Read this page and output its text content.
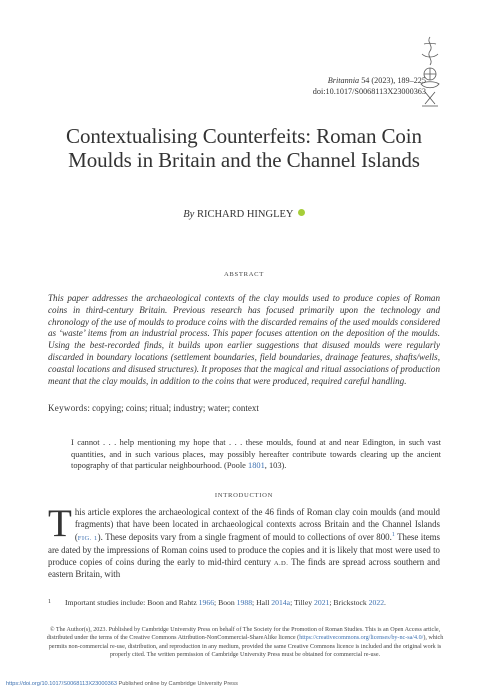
Britannia 54 (2023), 189–225
doi:10.1017/S0068113X23000363
Contextualising Counterfeits: Roman Coin Moulds in Britain and the Channel Islands
By RICHARD HINGLEY
ABSTRACT

This paper addresses the archaeological contexts of the clay moulds used to produce copies of Roman coins in third-century Britain. Previous research has focused primarily upon the technology and chronology of the use of moulds to produce coins with the discarded remains of the used moulds considered as ‘waste’ items from an industrial process. This paper focuses attention on the deposition of the moulds. Using the best-recorded finds, it builds upon earlier suggestions that disused moulds were regularly discarded in boundary locations (settlement boundaries, field boundaries, drainage features, shafts/wells, coastal locations and disused structures). It proposes that the magical and ritual associations of production meant that the clay moulds, in addition to the coins that were produced, required careful handling.

Keywords: copying; coins; ritual; industry; water; context

I cannot . . . help mentioning my hope that . . . these moulds, found at and near Edington, in such vast quantities, and in such various places, may possibly hereafter contribute towards clearing up the ancient topography of that particular neighbourhood. (Poole 1801, 103).

INTRODUCTION

This article explores the archaeological context of the 46 finds of Roman clay coin moulds (and mould fragments) that have been located in archaeological contexts across Britain and the Channel Islands (FIG. 1). These deposits vary from a single fragment of mould to collections of over 800.$^1$ These items are dated by the impressions of Roman coins used to produce the copies and it is likely that most were used to produce copies of coins during the early to mid-third century A.D. The finds are spread across southern and eastern Britain, with

1 Important studies include: Boon and Rahtz 1966; Boon 1988; Hall 2014a; Tilley 2021; Brickstock 2022.

© The Author(s), 2023. Published by Cambridge University Press on behalf of The Society for the Promotion of Roman Studies. This is an Open Access article, distributed under the terms of the Creative Commons Attribution-NonCommercial-ShareAlike licence (https://creativecommons.org/licenses/by-nc-sa/4.0/), which permits non-commercial re-use, distribution, and reproduction in any medium, provided the same Creative Commons licence is included and the original work is properly cited. The written permission of Cambridge University Press must be obtained for commercial re-use.

https://doi.org/10.1017/S0068113X23000363 Published online by Cambridge University Press
